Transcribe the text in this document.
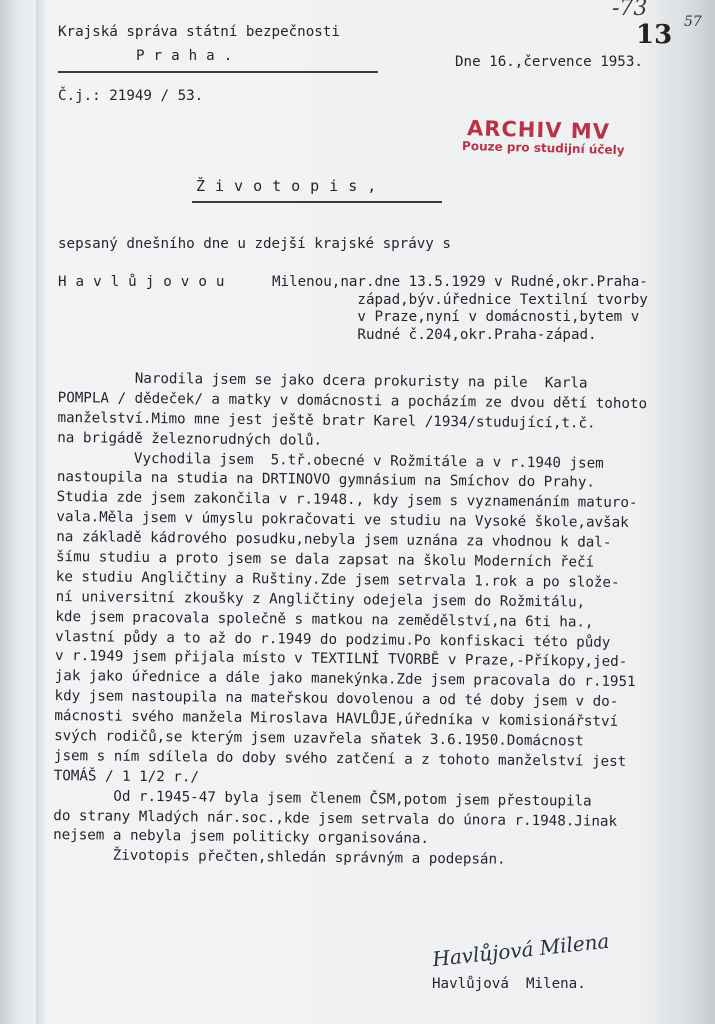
Krajská správa státní bezpečnosti
Praha.	Dne 16.,července 1953.
Č.j.: 21949 / 53.
-73
57
13
ARCHIV MV
Pouze pro studijní účely
Životopis,
sepsaný dnešního dne u zdejší krajské správy s
Havlůjovou	Milenou,nar.dne 13.5.1929 v Rudné,okr.Praha-
západ,býv.úřednice Textilní tvorby
v Praze,nyní v domácnosti,bytem v
Rudné č.204,okr.Praha-západ.
Narodila jsem se jako dcera prokuristy na pile  Karla
POMPLA / dědeček/ a matky v domácnosti a pocházím ze dvou dětí tohoto
manželství.Mimo mne jest ještě bratr Karel /1934/studující,t.č.
na brigádě železnorudných dolů.
Vychodila jsem  5.tř.obecné v Rožmitále a v r.1940 jsem
nastoupila na studia na DRTINOVO gymnásium na Smíchov do Prahy.
Studia zde jsem zakončila v r.1948., kdy jsem s vyznamenáním maturo-
vala.Měla jsem v úmyslu pokračovati ve studiu na Vysoké škole,avšak
na základě kádrového posudku,nebyla jsem uznána za vhodnou k dal-
šímu studiu a proto jsem se dala zapsat na školu Moderních řečí
ke studiu Angličtiny a Ruštiny.Zde jsem setrvala 1.rok a po slože-
ní universitní zkoušky z Angličtiny odejela jsem do Rožmitálu,
kde jsem pracovala společně s matkou na zemědělství,na 6ti ha.,
vlastní půdy a to až do r.1949 do podzimu.Po konfiskaci této půdy
v r.1949 jsem přijala místo v TEXTILNÍ TVORBĚ v Praze,-Příkopy,jed-
jak jako úřednice a dále jako manekýnka.Zde jsem pracovala do r.1951
kdy jsem nastoupila na mateřskou dovolenou a od té doby jsem v do-
mácnosti svého manžela Miroslava HAVLŮJE,úředníka v komisionářství
svých rodičů,se kterým jsem uzavřela sňatek 3.6.1950.Domácnost
jsem s ním sdílela do doby svého zatčení a z tohoto manželství jest
TOMÁŠ / 1 1/2 r./
Od r.1945-47 byla jsem členem ČSM,potom jsem přestoupila
do strany Mladých nár.soc.,kde jsem setrvala do února r.1948.Jinak
nejsem a nebyla jsem politicky organisována.
Životopis přečten,shledán správným a podepsán.
Havlůjová Milena
Havlůjová  Milena.
